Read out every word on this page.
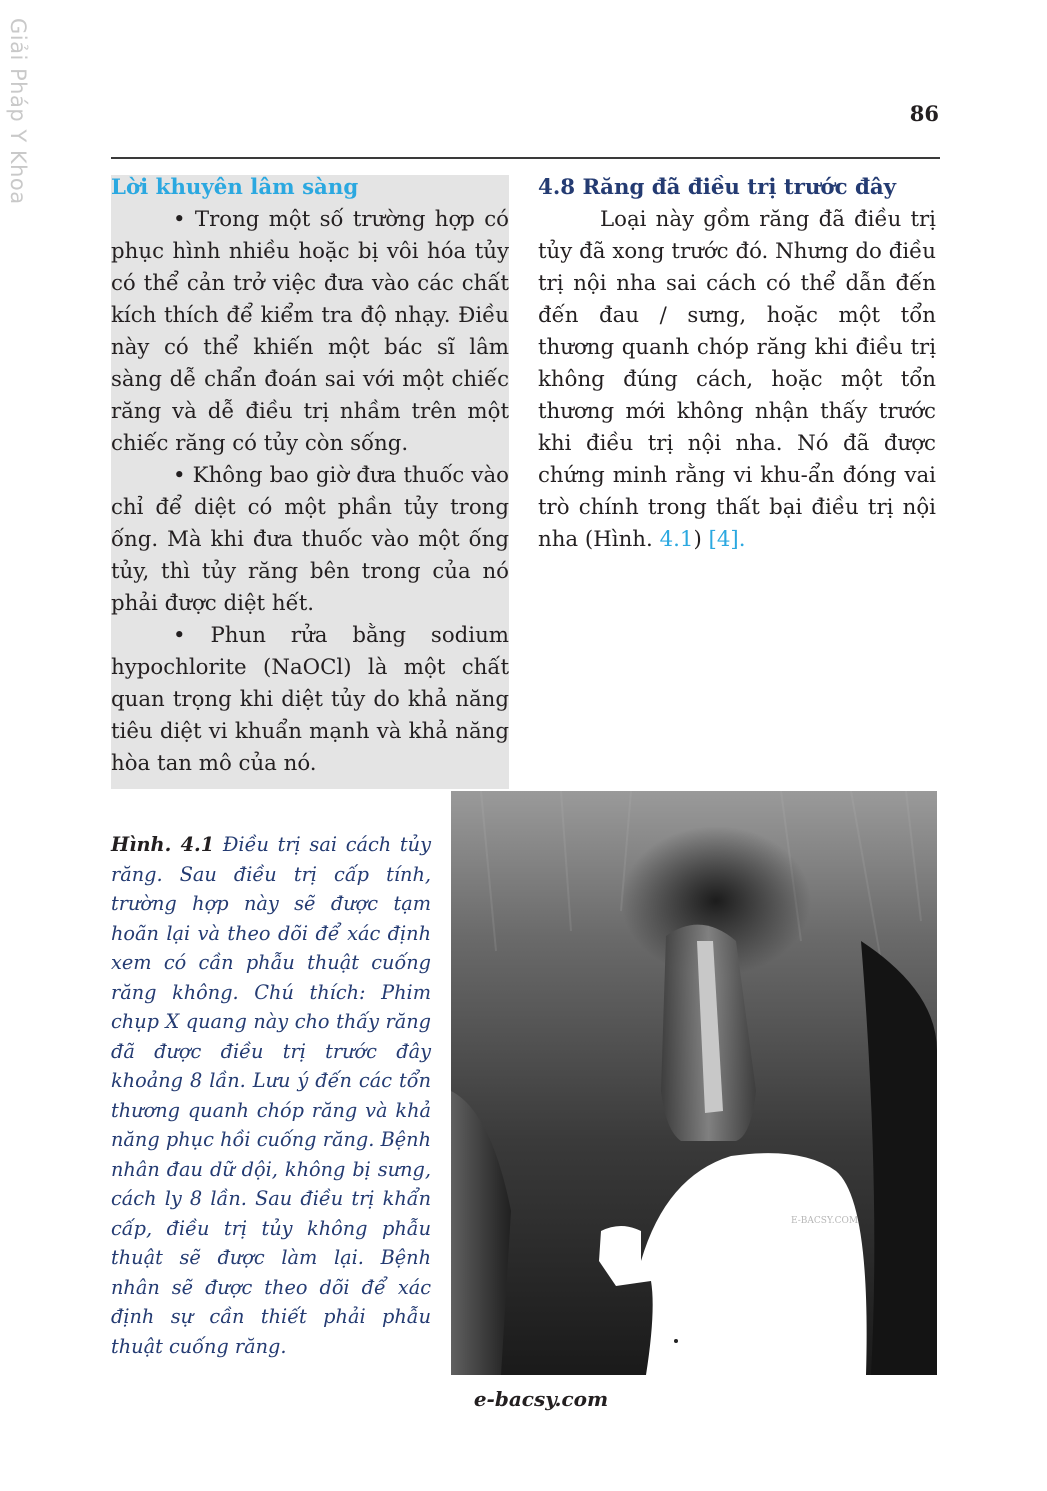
Giải Pháp Y Khoa	86

Lời khuyên lâm sàng

• Trong một số trường hợp có phục hình nhiều hoặc bị vôi hóa tủy có thể cản trở việc đưa vào các chất kích thích để kiểm tra độ nhạy. Điều này có thể khiến một bác sĩ lâm sàng dễ chẩn đoán sai với một chiếc răng và dễ điều trị nhầm trên một chiếc răng có tủy còn sống.

• Không bao giờ đưa thuốc vào chỉ để diệt có một phần tủy trong ống. Mà khi đưa thuốc vào một ống tủy, thì tủy răng bên trong của nó phải được diệt hết.

• Phun rửa bằng sodium hypochlorite (NaOCl) là một chất quan trọng khi diệt tủy do khả năng tiêu diệt vi khuẩn mạnh và khả năng hòa tan mô của nó.

4.8 Răng đã điều trị trước đây

Loại này gồm răng đã điều trị tủy đã xong trước đó. Nhưng do điều trị nội nha sai cách có thể dẫn đến đến đau / sưng, hoặc một tổn thương quanh chóp răng khi điều trị không đúng cách, hoặc một tổn thương mới không nhận thấy trước khi điều trị nội nha. Nó đã được chứng minh rằng vi khu-ẩn đóng vai trò chính trong thất bại điều trị nội nha (Hình. 4.1) [4].

Hình. 4.1 Điều trị sai cách tủy răng. Sau điều trị cấp tính, trường hợp này sẽ được tạm hoãn lại và theo dõi để xác định xem có cần phẫu thuật cuống răng không. Chú thích: Phim chụp X quang này cho thấy răng đã được điều trị trước đây khoảng 8 lần. Lưu ý đến các tổn thương quanh chóp răng và khả năng phục hồi cuống răng. Bệnh nhân đau dữ dội, không bị sưng, cách ly 8 lần. Sau điều trị khẩn cấp, điều trị tủy không phẫu thuật sẽ được làm lại. Bệnh nhân sẽ được theo dõi để xác định sự cần thiết phải phẫu thuật cuống răng.
E-BACSY.COM
e-bacsy.com
